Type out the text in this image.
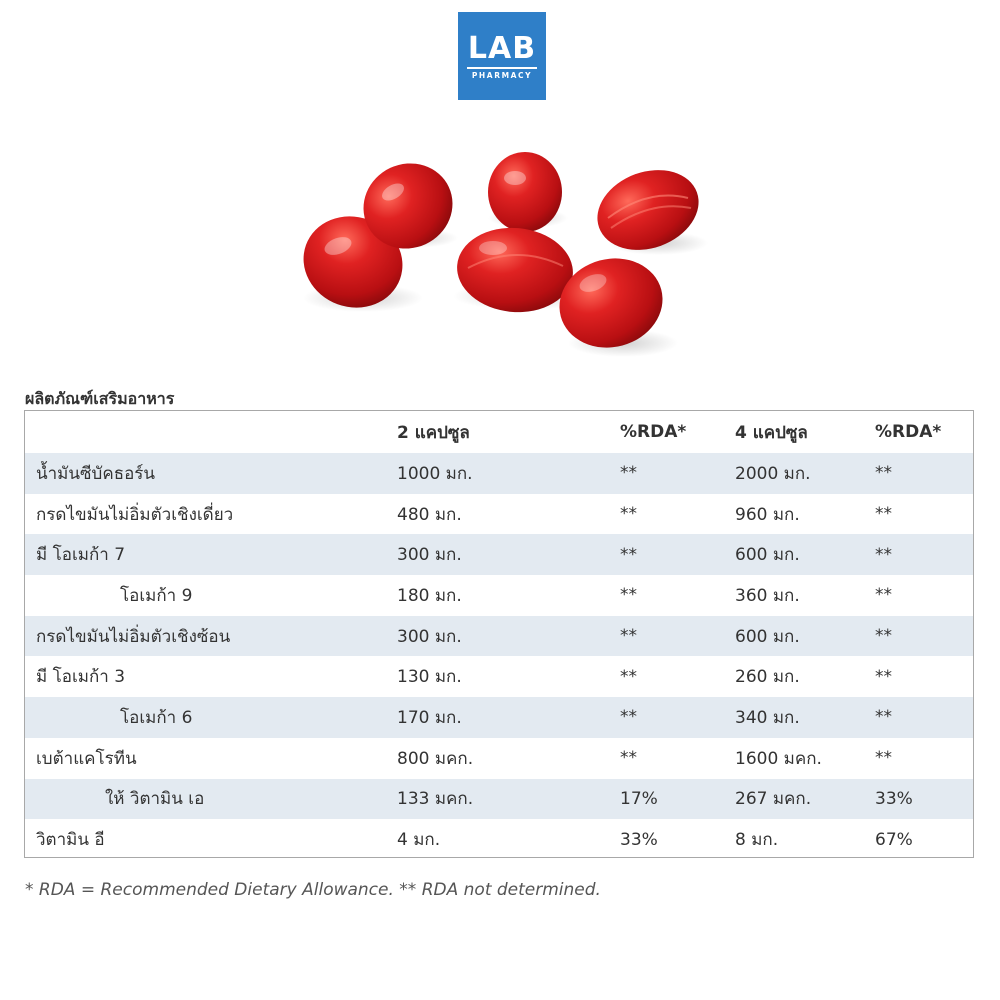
LAB
PHARMACY
ผลิตภัณฑ์เสริมอาหาร
	2 แคปซูล	%RDA*	4 แคปซูล	%RDA*
น้ำมันซีบัคธอร์น	1000 มก.	**	2000 มก.	**
กรดไขมันไม่อิ่มตัวเชิงเดี่ยว	480 มก.	**	960 มก.	**
มี โอเมก้า 7	300 มก.	**	600 มก.	**
โอเมก้า 9	180 มก.	**	360 มก.	**
กรดไขมันไม่อิ่มตัวเชิงซ้อน	300 มก.	**	600 มก.	**
มี โอเมก้า 3	130 มก.	**	260 มก.	**
โอเมก้า 6	170 มก.	**	340 มก.	**
เบต้าแคโรทีน	800 มคก.	**	1600 มคก.	**
ให้ วิตามิน เอ	133 มคก.	17%	267 มคก.	33%
วิตามิน อี	4 มก.	33%	8 มก.	67%
* RDA = Recommended Dietary Allowance. ** RDA not determined.
